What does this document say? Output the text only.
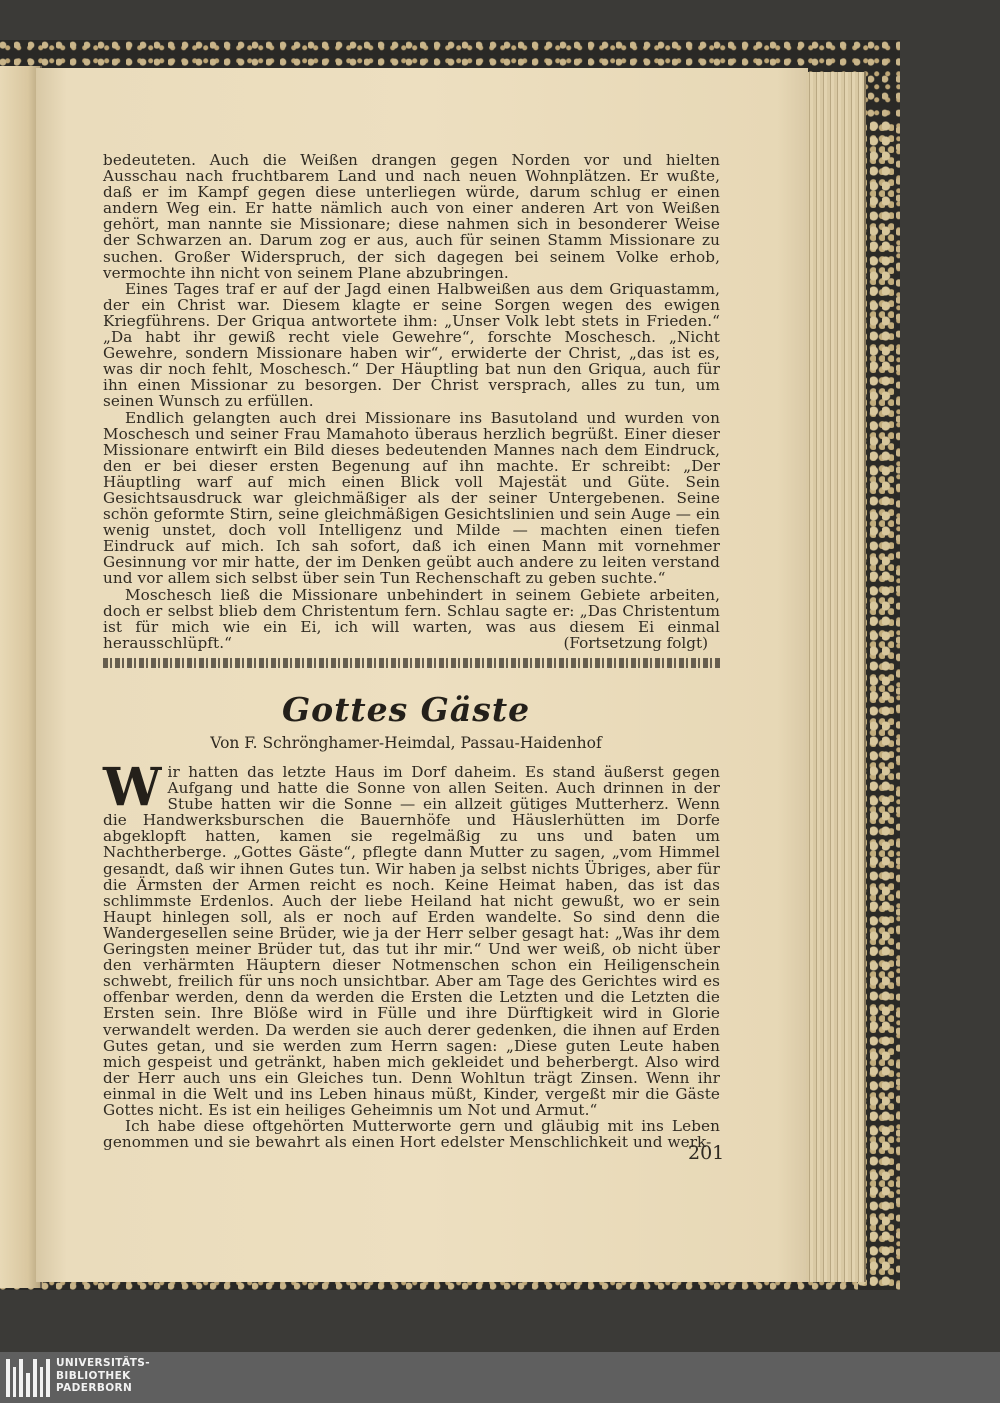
bedeuteten. Auch die Weißen drangen gegen Norden vor und hielten Ausschau nach fruchtbarem Land und nach neuen Wohnplätzen. Er wußte, daß er im Kampf gegen diese unterliegen würde, darum schlug er einen andern Weg ein. Er hatte nämlich auch von einer anderen Art von Weißen gehört, man nannte sie Missionare; diese nahmen sich in besonderer Weise der Schwarzen an. Darum zog er aus, auch für seinen Stamm Missionare zu suchen. Großer Widerspruch, der sich dagegen bei seinem Volke erhob, vermochte ihn nicht von seinem Plane abzubringen.

Eines Tages traf er auf der Jagd einen Halbweißen aus dem Griquastamm, der ein Christ war. Diesem klagte er seine Sorgen wegen des ewigen Kriegführens. Der Griqua antwortete ihm: „Unser Volk lebt stets in Frieden.“ „Da habt ihr gewiß recht viele Gewehre“, forschte Moschesch. „Nicht Gewehre, sondern Missionare haben wir“, erwiderte der Christ, „das ist es, was dir noch fehlt, Moschesch.“ Der Häuptling bat nun den Griqua, auch für ihn einen Missionar zu besorgen. Der Christ versprach, alles zu tun, um seinen Wunsch zu erfüllen.

Endlich gelangten auch drei Missionare ins Basutoland und wurden von Moschesch und seiner Frau Mamahoto überaus herzlich begrüßt. Einer dieser Missionare entwirft ein Bild dieses bedeutenden Mannes nach dem Eindruck, den er bei dieser ersten Begenung auf ihn machte. Er schreibt: „Der Häuptling warf auf mich einen Blick voll Majestät und Güte. Sein Gesichtsausdruck war gleichmäßiger als der seiner Untergebenen. Seine schön geformte Stirn, seine gleichmäßigen Gesichtslinien und sein Auge — ein wenig unstet, doch voll Intelligenz und Milde — machten einen tiefen Eindruck auf mich. Ich sah sofort, daß ich einen Mann mit vornehmer Gesinnung vor mir hatte, der im Denken geübt auch andere zu leiten verstand und vor allem sich selbst über sein Tun Rechenschaft zu geben suchte.“

Moschesch ließ die Missionare unbehindert in seinem Gebiete arbeiten, doch er selbst blieb dem Christentum fern. Schlau sagte er: „Das Christentum ist für mich wie ein Ei, ich will warten, was aus diesem Ei einmal herausschlüpft.“	(Fortsetzung folgt)
Gottes Gäste
Von F. Schrönghamer-Heimdal, Passau-Haidenhof
W ir hatten das letzte Haus im Dorf daheim. Es stand äußerst gegen Aufgang und hatte die Sonne von allen Seiten. Auch drinnen in der Stube hatten wir die Sonne — ein allzeit gütiges Mutterherz. Wenn die Handwerksburschen die Bauernhöfe und Häuslerhütten im Dorfe abgeklopft hatten, kamen sie regelmäßig zu uns und baten um Nachtherberge. „Gottes Gäste“, pflegte dann Mutter zu sagen, „vom Himmel gesandt, daß wir ihnen Gutes tun. Wir haben ja selbst nichts Übriges, aber für die Ärmsten der Armen reicht es noch. Keine Heimat haben, das ist das schlimmste Erdenlos. Auch der liebe Heiland hat nicht gewußt, wo er sein Haupt hinlegen soll, als er noch auf Erden wandelte. So sind denn die Wandergesellen seine Brüder, wie ja der Herr selber gesagt hat: „Was ihr dem Geringsten meiner Brüder tut, das tut ihr mir.“ Und wer weiß, ob nicht über den verhärmten Häuptern dieser Notmenschen schon ein Heiligenschein schwebt, freilich für uns noch unsichtbar. Aber am Tage des Gerichtes wird es offenbar werden, denn da werden die Ersten die Letzten und die Letzten die Ersten sein. Ihre Blöße wird in Fülle und ihre Dürftigkeit wird in Glorie verwandelt werden. Da werden sie auch derer gedenken, die ihnen auf Erden Gutes getan, und sie werden zum Herrn sagen: „Diese guten Leute haben mich gespeist und getränkt, haben mich gekleidet und beherbergt. Also wird der Herr auch uns ein Gleiches tun. Denn Wohltun trägt Zinsen. Wenn ihr einmal in die Welt und ins Leben hinaus müßt, Kinder, vergeßt mir die Gäste Gottes nicht. Es ist ein heiliges Geheimnis um Not und Armut.“

Ich habe diese oftgehörten Mutterworte gern und gläubig mit ins Leben genommen und sie bewahrt als einen Hort edelster Menschlichkeit und werk-

201
UNIVERSITÄTS-
BIBLIOTHEK
PADERBORN
